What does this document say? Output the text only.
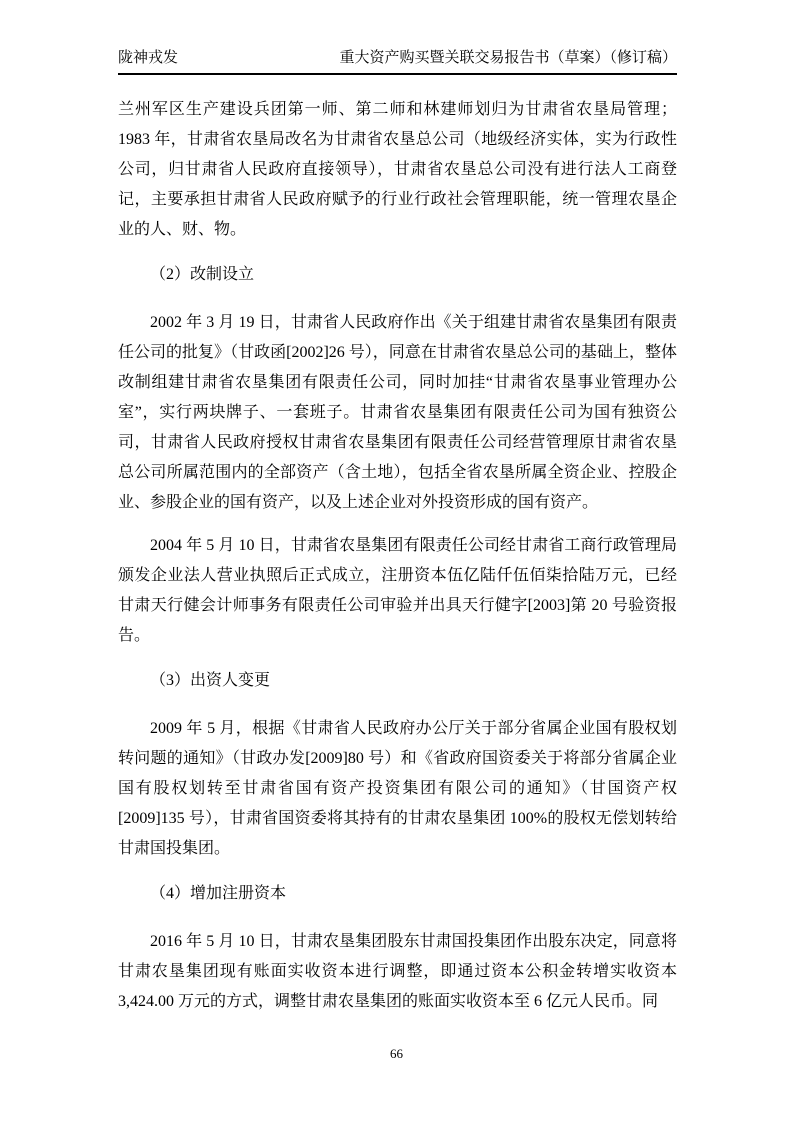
陇神戎发	重大资产购买暨关联交易报告书（草案）（修订稿）

兰州军区生产建设兵团第一师、第二师和林建师划归为甘肃省农垦局管理；1983 年，甘肃省农垦局改名为甘肃省农垦总公司（地级经济实体，实为行政性公司，归甘肃省人民政府直接领导），甘肃省农垦总公司没有进行法人工商登记，主要承担甘肃省人民政府赋予的行业行政社会管理职能，统一管理农垦企业的人、财、物。

（2）改制设立

2002 年 3 月 19 日，甘肃省人民政府作出《关于组建甘肃省农垦集团有限责任公司的批复》（甘政函[2002]26 号），同意在甘肃省农垦总公司的基础上，整体改制组建甘肃省农垦集团有限责任公司，同时加挂“甘肃省农垦事业管理办公室”，实行两块牌子、一套班子。甘肃省农垦集团有限责任公司为国有独资公司，甘肃省人民政府授权甘肃省农垦集团有限责任公司经营管理原甘肃省农垦总公司所属范围内的全部资产（含土地），包括全省农垦所属全资企业、控股企业、参股企业的国有资产，以及上述企业对外投资形成的国有资产。

2004 年 5 月 10 日，甘肃省农垦集团有限责任公司经甘肃省工商行政管理局颁发企业法人营业执照后正式成立，注册资本伍亿陆仟伍佰柒拾陆万元，已经甘肃天行健会计师事务有限责任公司审验并出具天行健字[2003]第 20 号验资报告。

（3）出资人变更

2009 年 5 月，根据《甘肃省人民政府办公厅关于部分省属企业国有股权划转问题的通知》（甘政办发[2009]80 号）和《省政府国资委关于将部分省属企业国有股权划转至甘肃省国有资产投资集团有限公司的通知》（甘国资产权[2009]135 号），甘肃省国资委将其持有的甘肃农垦集团 100%的股权无偿划转给甘肃国投集团。

（4）增加注册资本

2016 年 5 月 10 日，甘肃农垦集团股东甘肃国投集团作出股东决定，同意将甘肃农垦集团现有账面实收资本进行调整，即通过资本公积金转增实收资本 3,424.00 万元的方式，调整甘肃农垦集团的账面实收资本至 6 亿元人民币。同

66
